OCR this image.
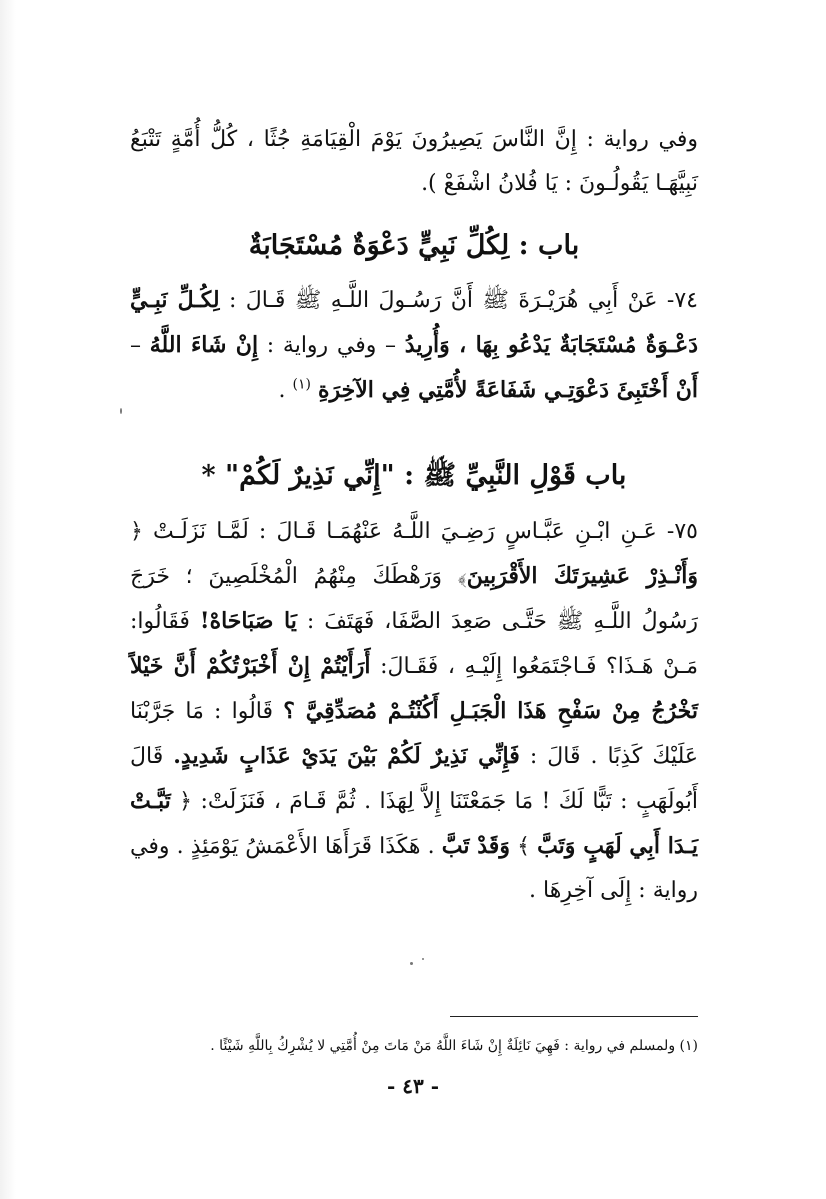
وفي رواية : إِنَّ النَّاسَ يَصِيرُونَ يَوْمَ الْقِيَامَةِ جُثًا ، كُلُّ أُمَّةٍ تَتْبَعُ نَبِيَّهَـا يَقُولُـونَ : يَا فُلانُ اشْفَعْ ).

باب : لِكُلِّ نَبِيٍّ دَعْوَةٌ مُسْتَجَابَةٌ

٧٤- عَنْ أَبِي هُرَيْـرَةَ ﷺ أَنَّ رَسُـولَ اللَّـهِ ﷺ قَـالَ : لِكُـلِّ نَبِـيٍّ دَعْـوَةٌ مُسْتَجَابَةٌ يَدْعُو بِهَا ، وَأُرِيدُ – وفي رواية : إِنْ شَاءَ اللَّهُ – أَنْ أَخْتَبِئَ دَعْوَتِـي شَفَاعَةً لأُمَّتِي فِي الآخِرَةِ $^{(١)}$ .

باب قَوْلِ النَّبِيِّ ﷺ : "إِنِّي نَذِيرٌ لَكُمْ" *

٧٥- عَـنِ ابْـنِ عَبَّـاسٍ رَضِـيَ اللَّـهُ عَنْهُمَـا قَـالَ : لَمَّـا نَزَلَـتْ ﴿ وَأَنْـذِرْ عَشِيرَتَكَ الأَقْرَبِينَ﴾ وَرَهْطَكَ مِنْهُمُ الْمُخْلَصِينَ ؛ خَرَجَ رَسُولُ اللَّـهِ ﷺ حَتَّـى صَعِدَ الصَّفَا، فَهَتَفَ : يَا صَبَاحَاهْ! فَقَالُوا: مَـنْ هَـذَا؟ فَـاجْتَمَعُوا إِلَيْـهِ ، فَقَـالَ: أَرَأَيْتُمْ إِنْ أَخْبَرْتُكُمْ أَنَّ خَيْلاً تَخْرُجُ مِنْ سَفْحِ هَذَا الْجَبَـلِ أَكُنْتُـمْ مُصَدِّقِيَّ ؟ قَالُوا : مَا جَرَّبْنَا عَلَيْكَ كَذِبًا . قَالَ : فَإِنِّي نَذِيرٌ لَكُمْ بَيْنَ يَدَيْ عَذَابٍ شَدِيدٍ. قَالَ أَبُولَهَبٍ : تَبًّا لَكَ ! مَا جَمَعْتَنَا إِلاَّ لِهَذَا . ثُمَّ قَـامَ ، فَنَزَلَتْ: ﴿ تَبَّـتْ يَـدَا أَبِي لَهَبٍ وَتَبَّ ﴾ وَقَدْ تَبَّ . هَكَذَا قَرَأَهَا الأَعْمَشُ يَوْمَئِذٍ . وفي رواية : إِلَى آخِرِهَا .

(١) ولمسلم في رواية : فَهِيَ نَائِلَةٌ إِنْ شَاءَ اللَّهُ مَنْ مَاتَ مِنْ أُمَّتِي لا يُشْرِكُ بِاللَّهِ شَيْئًا .

- ٤٣ -
